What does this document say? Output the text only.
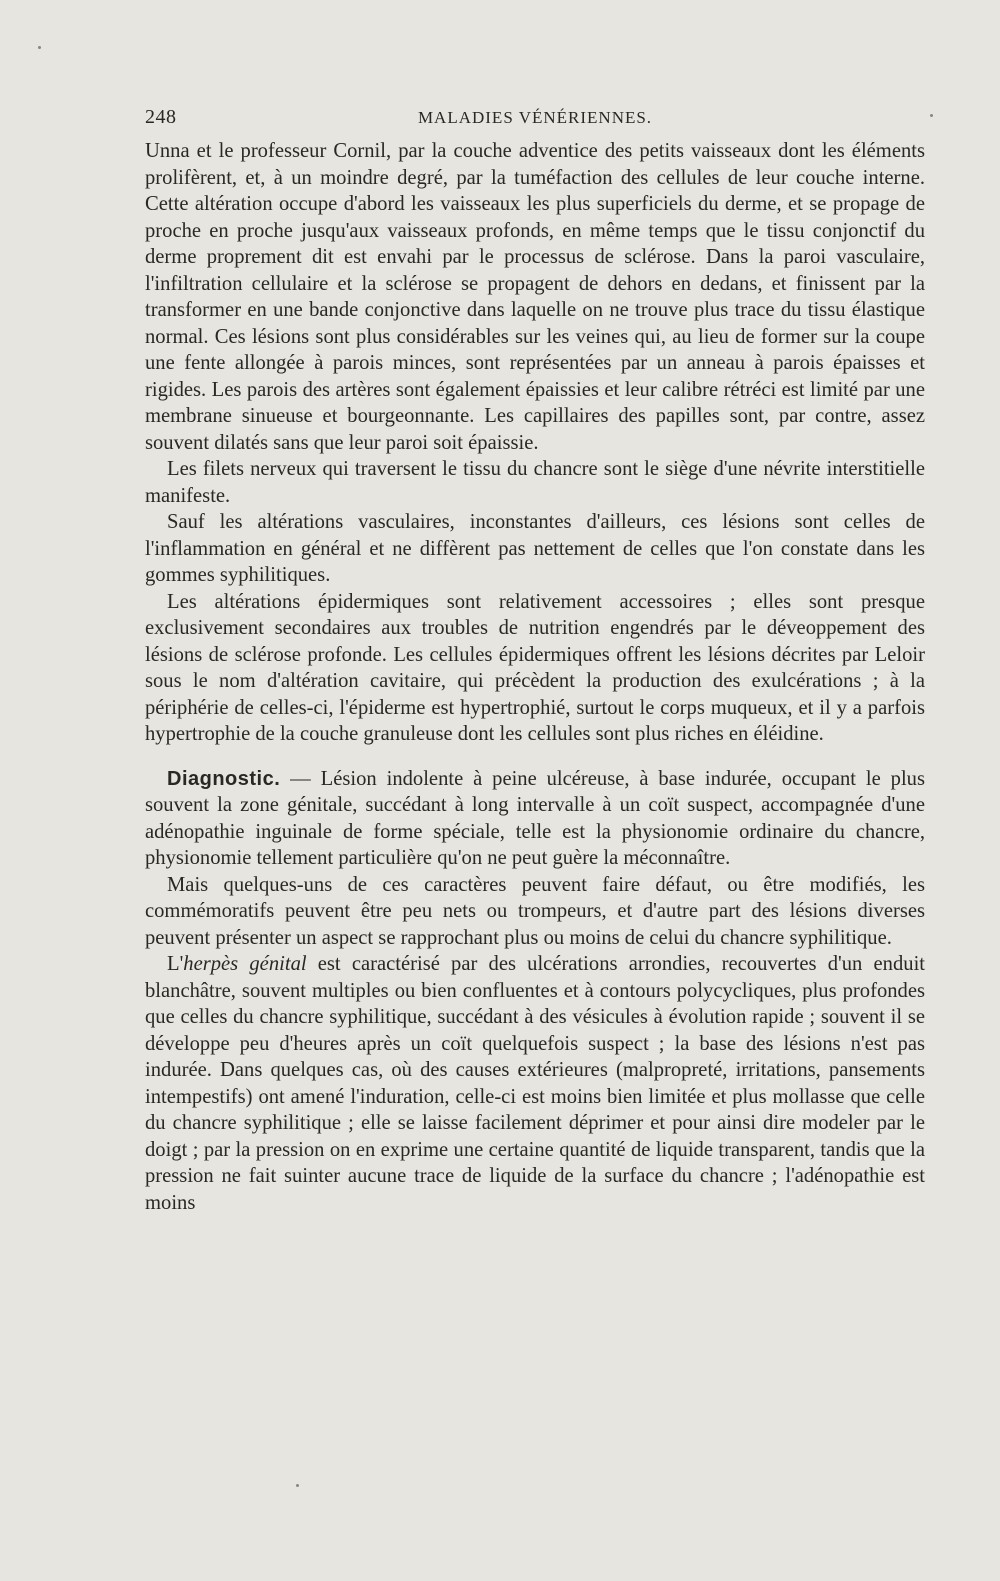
248	MALADIES VÉNÉRIENNES.

Unna et le professeur Cornil, par la couche adventice des petits vaisseaux dont les éléments prolifèrent, et, à un moindre degré, par la tuméfaction des cellules de leur couche interne. Cette altération occupe d'abord les vaisseaux les plus superficiels du derme, et se propage de proche en proche jusqu'aux vaisseaux profonds, en même temps que le tissu conjonctif du derme proprement dit est envahi par le processus de sclérose. Dans la paroi vasculaire, l'infiltration cellulaire et la sclérose se propagent de dehors en dedans, et finissent par la transformer en une bande conjonctive dans laquelle on ne trouve plus trace du tissu élastique normal. Ces lésions sont plus considérables sur les veines qui, au lieu de former sur la coupe une fente allongée à parois minces, sont représentées par un anneau à parois épaisses et rigides. Les parois des artères sont également épaissies et leur calibre rétréci est limité par une membrane sinueuse et bourgeonnante. Les capillaires des papilles sont, par contre, assez souvent dilatés sans que leur paroi soit épaissie.

Les filets nerveux qui traversent le tissu du chancre sont le siège d'une névrite interstitielle manifeste.

Sauf les altérations vasculaires, inconstantes d'ailleurs, ces lésions sont celles de l'inflammation en général et ne diffèrent pas nettement de celles que l'on constate dans les gommes syphilitiques.

Les altérations épidermiques sont relativement accessoires ; elles sont presque exclusivement secondaires aux troubles de nutrition engendrés par le déveoppement des lésions de sclérose profonde. Les cellules épidermiques offrent les lésions décrites par Leloir sous le nom d'altération cavitaire, qui précèdent la production des exulcérations ; à la périphérie de celles-ci, l'épiderme est hypertrophié, surtout le corps muqueux, et il y a parfois hypertrophie de la couche granuleuse dont les cellules sont plus riches en éléidine.

Diagnostic. — Lésion indolente à peine ulcéreuse, à base indurée, occupant le plus souvent la zone génitale, succédant à long intervalle à un coït suspect, accompagnée d'une adénopathie inguinale de forme spéciale, telle est la physionomie ordinaire du chancre, physionomie tellement particulière qu'on ne peut guère la méconnaître.

Mais quelques-uns de ces caractères peuvent faire défaut, ou être modifiés, les commémoratifs peuvent être peu nets ou trompeurs, et d'autre part des lésions diverses peuvent présenter un aspect se rapprochant plus ou moins de celui du chancre syphilitique.

L'herpès génital est caractérisé par des ulcérations arrondies, recouvertes d'un enduit blanchâtre, souvent multiples ou bien confluentes et à contours polycycliques, plus profondes que celles du chancre syphilitique, succédant à des vésicules à évolution rapide ; souvent il se développe peu d'heures après un coït quelquefois suspect ; la base des lésions n'est pas indurée. Dans quelques cas, où des causes extérieures (malpropreté, irritations, pansements intempestifs) ont amené l'induration, celle-ci est moins bien limitée et plus mollasse que celle du chancre syphilitique ; elle se laisse facilement déprimer et pour ainsi dire modeler par le doigt ; par la pression on en exprime une certaine quantité de liquide transparent, tandis que la pression ne fait suinter aucune trace de liquide de la surface du chancre ; l'adénopathie est moins
